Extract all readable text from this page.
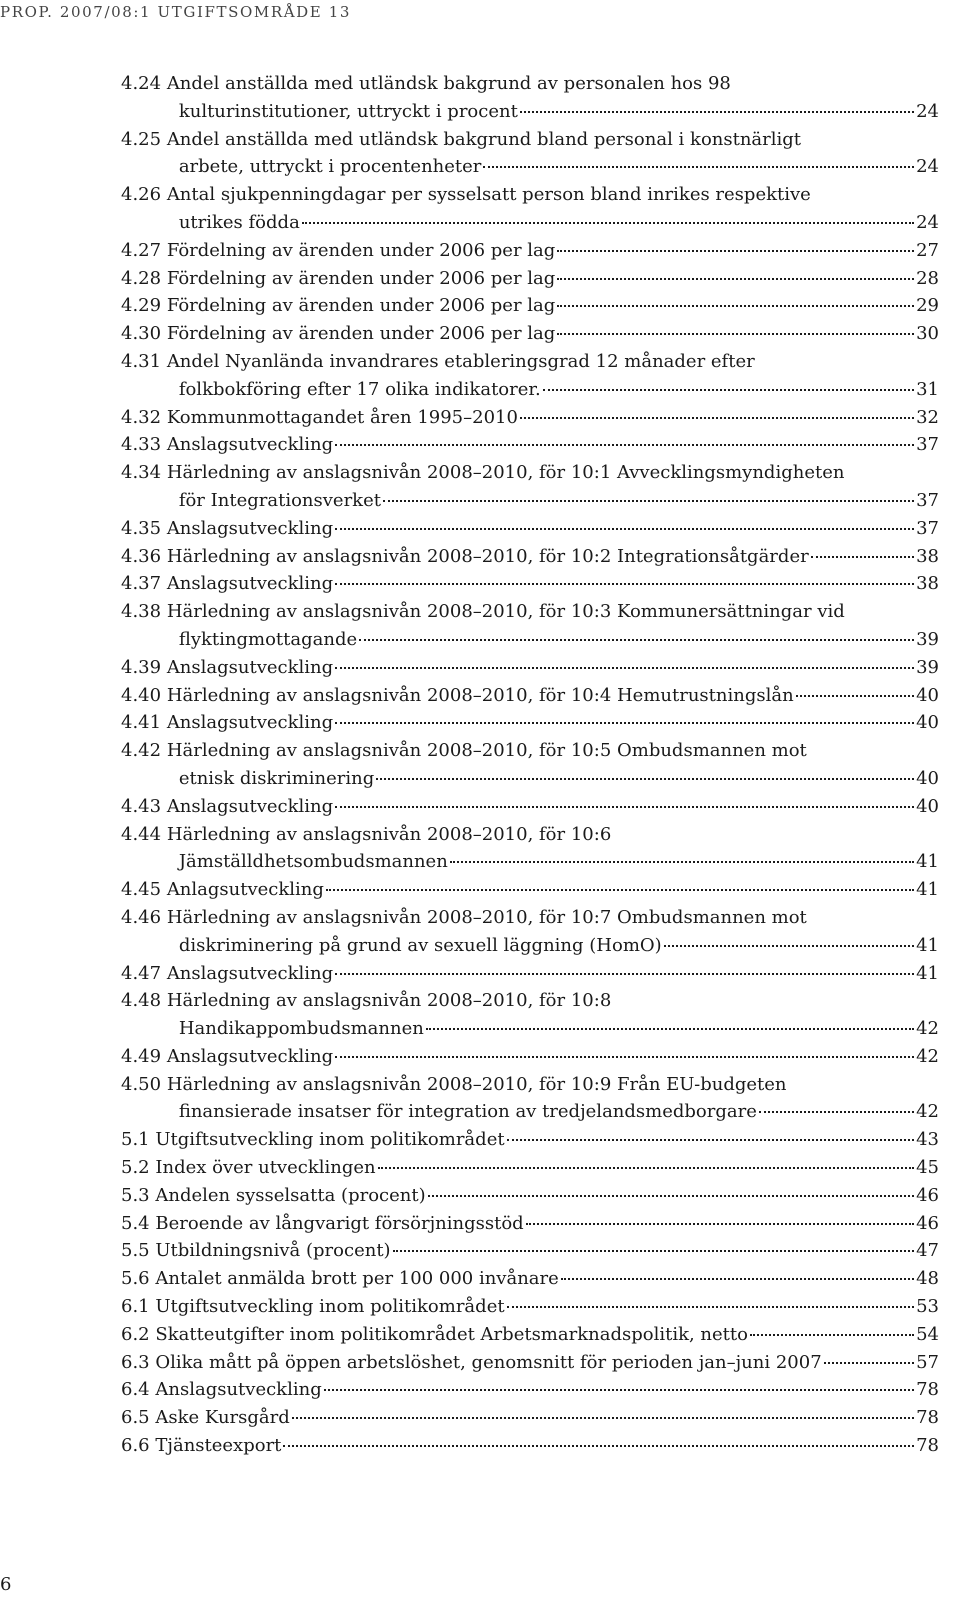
PROP. 2007/08:1 UTGIFTSOMRÅDE 13
4.24
Andel anställda med utländsk bakgrund av personalen hos 98
kulturinstitutioner, uttryckt i procent	24
4.25
Andel anställda med utländsk bakgrund bland personal i konstnärligt
arbete, uttryckt i procentenheter	24
4.26
Antal sjukpenningdagar per sysselsatt person bland inrikes respektive
utrikes födda	24
4.27
Fördelning av ärenden under 2006 per lag	27
4.28
Fördelning av ärenden under 2006 per lag	28
4.29
Fördelning av ärenden under 2006 per lag	29
4.30
Fördelning av ärenden under 2006 per lag	30
4.31
Andel Nyanlända invandrares etableringsgrad 12 månader efter
folkbokföring efter 17 olika indikatorer.	31
4.32
Kommunmottagandet åren 1995–2010	32
4.33
Anslagsutveckling	37
4.34
Härledning av anslagsnivån 2008–2010, för 10:1 Avvecklingsmyndigheten
för Integrationsverket	37
4.35
Anslagsutveckling	37
4.36
Härledning av anslagsnivån 2008–2010, för 10:2 Integrationsåtgärder	38
4.37
Anslagsutveckling	38
4.38
Härledning av anslagsnivån 2008–2010, för 10:3 Kommunersättningar vid
flyktingmottagande	39
4.39
Anslagsutveckling	39
4.40
Härledning av anslagsnivån 2008–2010, för 10:4 Hemutrustningslån	40
4.41
Anslagsutveckling	40
4.42
Härledning av anslagsnivån 2008–2010, för 10:5 Ombudsmannen mot
etnisk diskriminering	40
4.43
Anslagsutveckling	40
4.44
Härledning av anslagsnivån 2008–2010, för 10:6
Jämställdhetsombudsmannen	41
4.45
Anlagsutveckling	41
4.46
Härledning av anslagsnivån 2008–2010, för 10:7 Ombudsmannen mot
diskriminering på grund av sexuell läggning (HomO)	41
4.47
Anslagsutveckling	41
4.48
Härledning av anslagsnivån 2008–2010, för 10:8
Handikappombudsmannen	42
4.49
Anslagsutveckling	42
4.50
Härledning av anslagsnivån 2008–2010, för 10:9 Från EU-budgeten
finansierade insatser för integration av tredjelandsmedborgare	42
5.1
Utgiftsutveckling inom politikområdet	43
5.2
Index över utvecklingen	45
5.3
Andelen sysselsatta (procent)	46
5.4
Beroende av långvarigt försörjningsstöd	46
5.5
Utbildningsnivå (procent)	47
5.6
Antalet anmälda brott per 100 000 invånare	48
6.1
Utgiftsutveckling inom politikområdet	53
6.2
Skatteutgifter inom politikområdet Arbetsmarknadspolitik, netto	54
6.3
Olika mått på öppen arbetslöshet, genomsnitt för perioden jan–juni 2007	57
6.4
Anslagsutveckling	78
6.5
Aske Kursgård	78
6.6
Tjänsteexport	78
6
